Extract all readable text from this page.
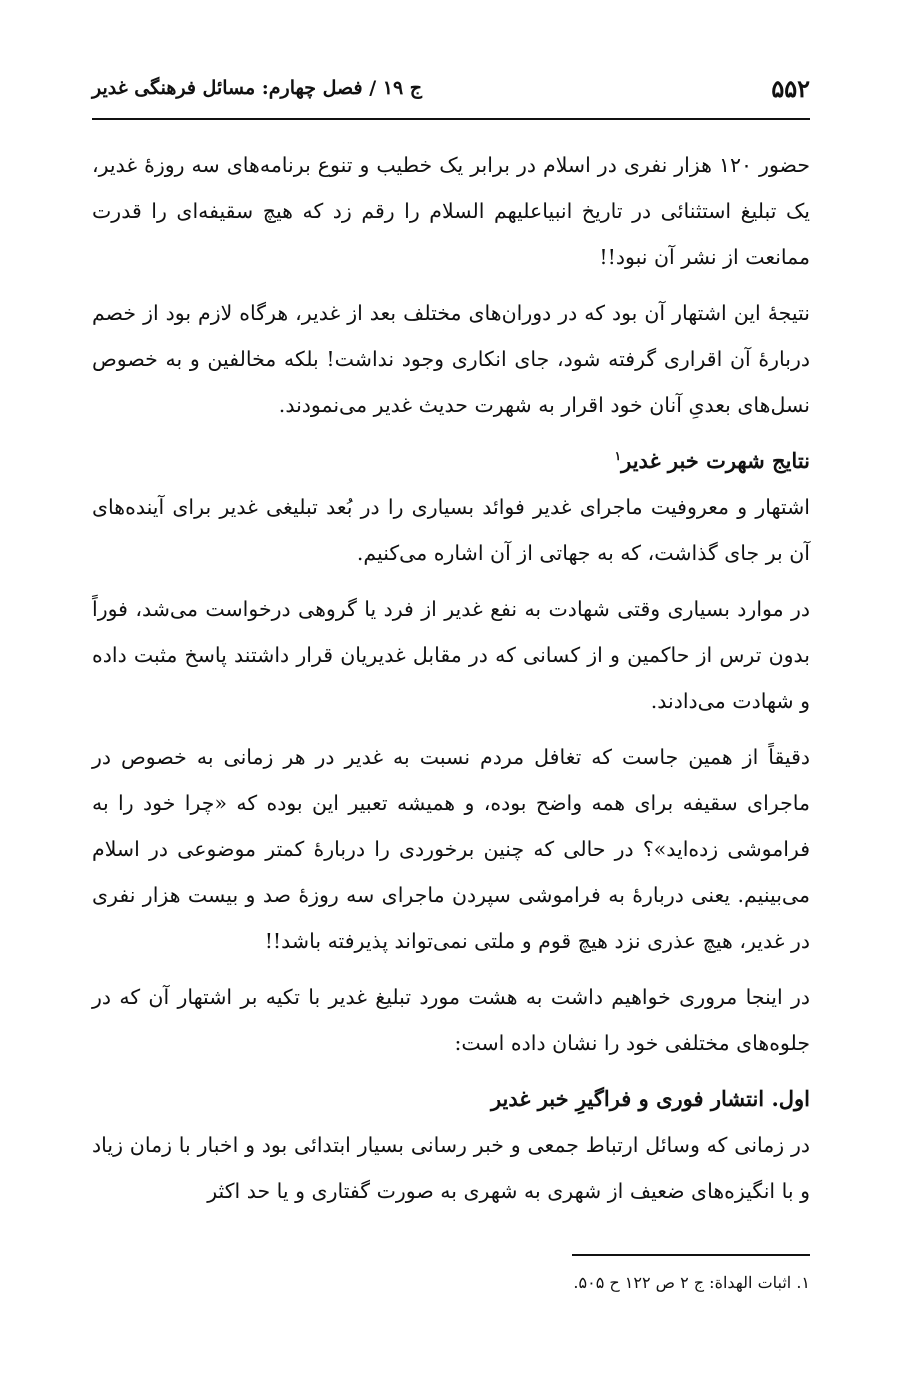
۵۵۲
ج ۱۹ / فصل چهارم: مسائل فرهنگی غدیر

حضور ۱۲۰ هزار نفری در اسلام در برابر یک خطیب و تنوع برنامه‌های سه روزهٔ غدیر، یک تبلیغ استثنائی در تاریخ انبیاعلیهم السلام را رقم زد که هیچ سقیفه‌ای را قدرت ممانعت از نشر آن نبود!!

نتیجهٔ این اشتهار آن بود که در دوران‌های مختلف بعد از غدیر، هرگاه لازم بود از خصم دربارهٔ آن اقراری گرفته شود، جای انکاری وجود نداشت! بلکه مخالفین و به خصوص نسل‌های بعدیِ آنان خود اقرار به شهرت حدیث غدیر می‌نمودند.

نتایج شهرت خبر غدیر$^۱$

اشتهار و معروفیت ماجرای غدیر فوائد بسیاری را در بُعد تبلیغی غدیر برای آینده‌های آن بر جای گذاشت، که به جهاتی از آن اشاره می‌کنیم.

در موارد بسیاری وقتی شهادت به نفع غدیر از فرد یا گروهی درخواست می‌شد، فوراً بدون ترس از حاکمین و از کسانی که در مقابل غدیریان قرار داشتند پاسخ مثبت داده و شهادت می‌دادند.

دقیقاً از همین جاست که تغافل مردم نسبت به غدیر در هر زمانی به خصوص در ماجرای سقیفه برای همه واضح بوده، و همیشه تعبیر این بوده که «چرا خود را به فراموشی زده‌اید»؟ در حالی که چنین برخوردی را دربارهٔ کمتر موضوعی در اسلام می‌بینیم. یعنی دربارهٔ به فراموشی سپردن ماجرای سه روزهٔ صد و بیست هزار نفری در غدیر، هیچ عذری نزد هیچ قوم و ملتی نمی‌تواند پذیرفته باشد!!

در اینجا مروری خواهیم داشت به هشت مورد تبلیغ غدیر با تکیه بر اشتهار آن که در جلوه‌های مختلفی خود را نشان داده است:

اول. انتشار فوری و فراگیرِ خبر غدیر

در زمانی که وسائل ارتباط جمعی و خبر رسانی بسیار ابتدائی بود و اخبار با زمان زیاد و با انگیزه‌های ضعیف از شهری به شهری به صورت گفتاری و یا حد اکثر

۱. اثبات الهداة: ج ۲ ص ۱۲۲ ح ۵۰۵.
